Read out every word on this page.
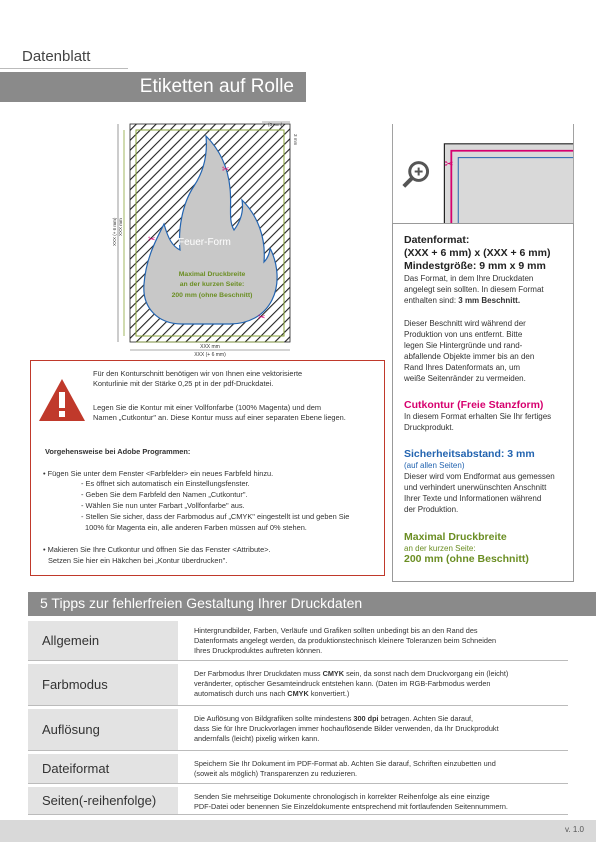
Datenblatt
Etiketten auf Rolle
Feuer-Form
Maximal Druckbreite
an der kurzen Seite:
200 mm (ohne Beschnitt)
✂
✂
✂
(3 mm)
3 mm
XXX mm
XXX (+ 6 mm)
XXX (+ 6 mm) XXX mm
✂
Datenformat:
(XXX + 6 mm) x (XXX + 6 mm)
Mindestgröße: 9 mm x 9 mm
Das Format, in dem Ihre Druckdaten
angelegt sein sollten. In diesem Format
enthalten sind: 3 mm Beschnitt.
Dieser Beschnitt wird während der
Produktion von uns entfernt. Bitte
legen Sie Hintergründe und rand-
abfallende Objekte immer bis an den
Rand Ihres Datenformats an, um
weiße Seitenränder zu vermeiden.
Cutkontur (Freie Stanzform)
In diesem Format erhalten Sie Ihr fertiges
Druckprodukt.
Sicherheitsabstand: 3 mm
(auf allen Seiten)
Dieser wird vom Endformat aus gemessen
und verhindert unerwünschten Anschnitt
Ihrer Texte und Informationen während
der Produktion.
Maximal Druckbreite
an der kurzen Seite:
200 mm (ohne Beschnitt)
Für den Konturschnitt benötigen wir von Ihnen eine vektorisierte
Konturlinie mit der Stärke 0,25 pt in der pdf-Druckdatei.
Legen Sie die Kontur mit einer Vollfonfarbe (100% Magenta) und dem
Namen „Cutkontur" an. Diese Kontur muss auf einer separaten Ebene liegen.
Vorgehensweise bei Adobe Programmen:
• Fügen Sie unter dem Fenster <Farbfelder> ein neues Farbfeld hinzu.
- Es öffnet sich automatisch ein Einstellungsfenster.
- Geben Sie dem Farbfeld den Namen „Cutkontur".
- Wählen Sie nun unter Farbart „Vollfonfarbe" aus.
- Stellen Sie sicher, dass der Farbmodus auf „CMYK" eingestellt ist und geben Sie
100% für Magenta ein, alle anderen Farben müssen auf 0% stehen.
• Makieren Sie Ihre Cutkontur und öffnen Sie das Fenster <Attribute>.
Setzen Sie hier ein Häkchen bei „Kontur überdrucken".
5 Tipps zur fehlerfreien Gestaltung Ihrer Druckdaten
Allgemein
Hintergrundbilder, Farben, Verläufe und Grafiken sollten unbedingt bis an den Rand des
Datenformats angelegt werden, da produktionstechnisch kleinere Toleranzen beim Schneiden
Ihres Druckproduktes auftreten können.
Farbmodus
Der Farbmodus Ihrer Druckdaten muss CMYK sein, da sonst nach dem Druckvorgang ein (leicht)
veränderter, optischer Gesamteindruck entstehen kann. (Daten im RGB-Farbmodus werden
automatisch durch uns nach CMYK konvertiert.)
Auflösung
Die Auflösung von Bildgrafiken sollte mindestens 300 dpi betragen. Achten Sie darauf,
dass Sie für Ihre Druckvorlagen immer hochauflösende Bilder verwenden, da Ihr Druckprodukt
andernfalls (leicht) pixelig wirken kann.
Dateiformat	Speichern Sie Ihr Dokument im PDF-Format ab. Achten Sie darauf, Schriften einzubetten und
(soweit als möglich) Transparenzen zu reduzieren.
Seiten(-reihenfolge)	Senden Sie mehrseitige Dokumente chronologisch in korrekter Reihenfolge als eine einzige
PDF-Datei oder benennen Sie Einzeldokumente entsprechend mit fortlaufenden Seitennummern.
v. 1.0
